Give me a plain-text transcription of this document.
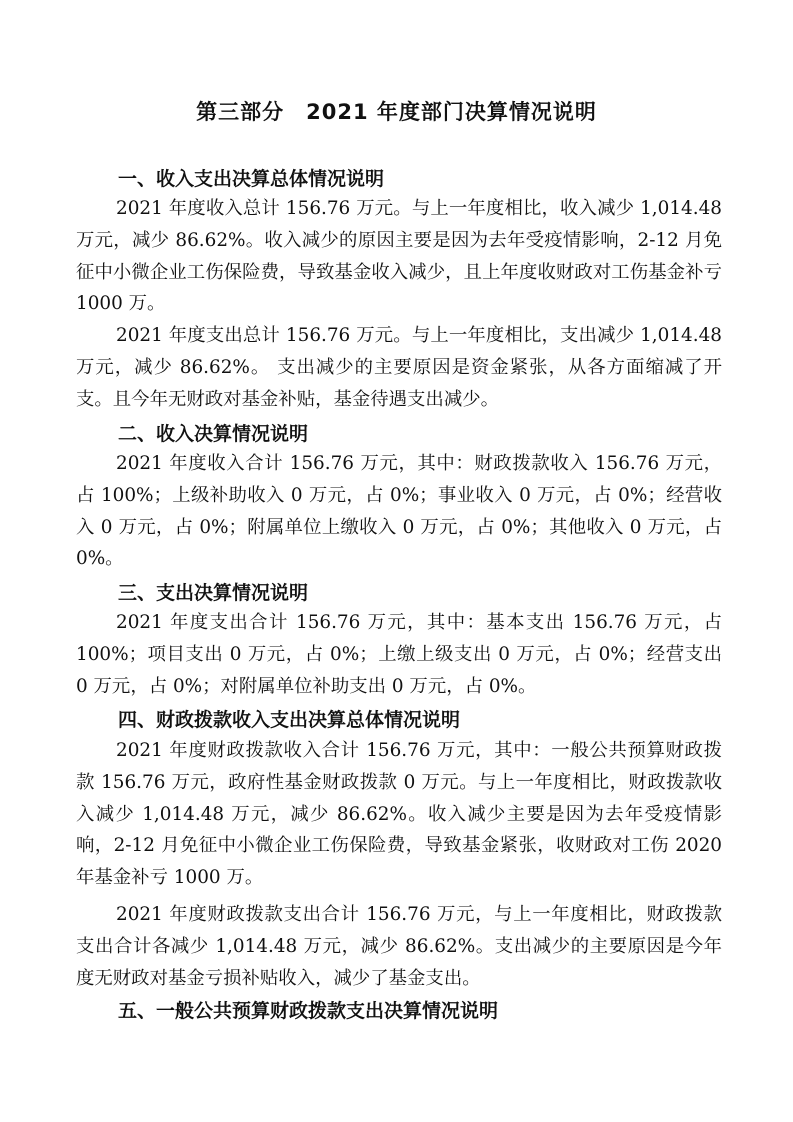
第三部分　2021 年度部门决算情况说明
一、收入支出决算总体情况说明
2021 年度收入总计 156.76 万元。与上一年度相比，收入减少 1,014.48 万元，减少 86.62%。收入减少的原因主要是因为去年受疫情影响，2-12 月免征中小微企业工伤保险费，导致基金收入减少，且上年度收财政对工伤基金补亏 1000 万。
2021 年度支出总计 156.76 万元。与上一年度相比，支出减少 1,014.48 万元，减少 86.62%。 支出减少的主要原因是资金紧张，从各方面缩减了开支。且今年无财政对基金补贴，基金待遇支出减少。
二、收入决算情况说明
2021 年度收入合计 156.76 万元，其中：财政拨款收入 156.76 万元，占 100%；上级补助收入 0 万元，占 0%；事业收入 0 万元，占 0%；经营收入 0 万元，占 0%；附属单位上缴收入 0 万元，占 0%；其他收入 0 万元，占 0%。
三、支出决算情况说明
2021 年度支出合计 156.76 万元，其中：基本支出 156.76 万元，占 100%；项目支出 0 万元，占 0%；上缴上级支出 0 万元，占 0%；经营支出 0 万元，占 0%；对附属单位补助支出 0 万元，占 0%。
四、财政拨款收入支出决算总体情况说明
2021 年度财政拨款收入合计 156.76 万元，其中：一般公共预算财政拨款 156.76 万元，政府性基金财政拨款 0 万元。与上一年度相比，财政拨款收入减少 1,014.48 万元，减少 86.62%。收入减少主要是因为去年受疫情影响，2-12 月免征中小微企业工伤保险费，导致基金紧张，收财政对工伤 2020 年基金补亏 1000 万。
2021 年度财政拨款支出合计 156.76 万元，与上一年度相比，财政拨款支出合计各减少 1,014.48 万元，减少 86.62%。支出减少的主要原因是今年度无财政对基金亏损补贴收入，减少了基金支出。
五、一般公共预算财政拨款支出决算情况说明
